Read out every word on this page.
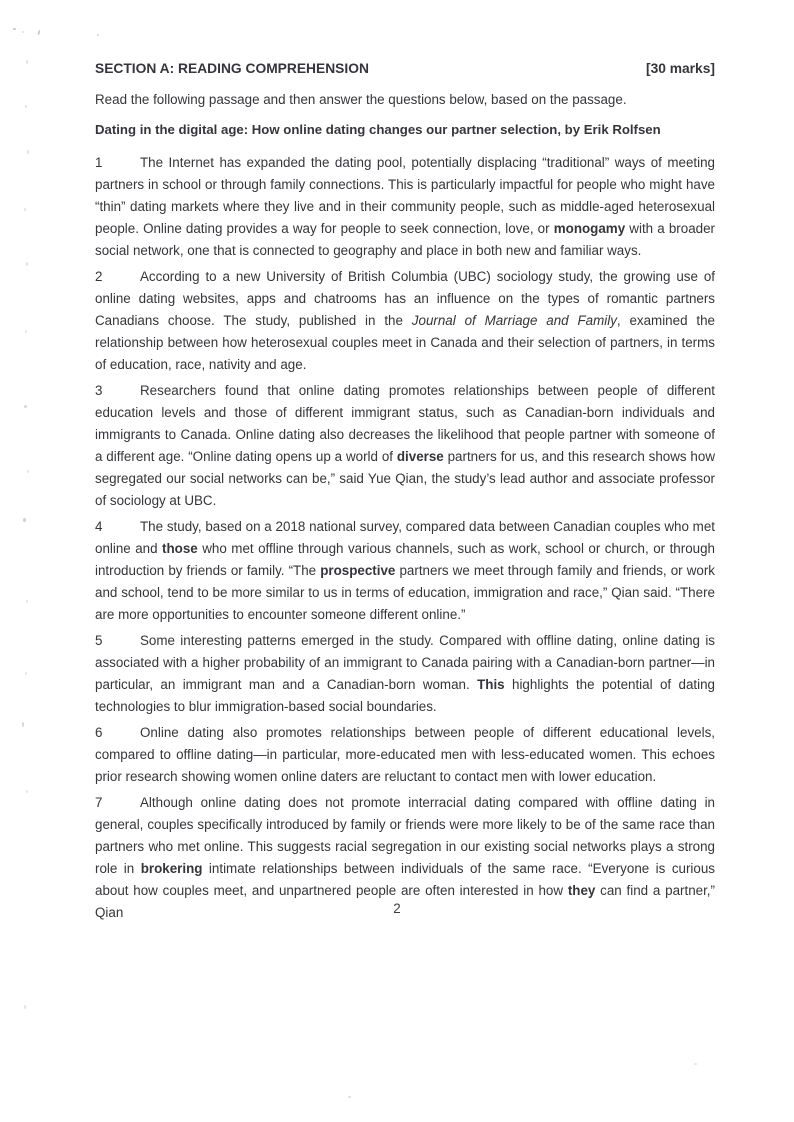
SECTION A: READING COMPREHENSION	[30 marks]

Read the following passage and then answer the questions below, based on the passage.

Dating in the digital age: How online dating changes our partner selection, by Erik Rolfsen

1	The Internet has expanded the dating pool, potentially displacing “traditional” ways of meeting partners in school or through family connections. This is particularly impactful for people who might have “thin” dating markets where they live and in their community people, such as middle-aged heterosexual people. Online dating provides a way for people to seek connection, love, or monogamy with a broader social network, one that is connected to geography and place in both new and familiar ways.
2	According to a new University of British Columbia (UBC) sociology study, the growing use of online dating websites, apps and chatrooms has an influence on the types of romantic partners Canadians choose. The study, published in the Journal of Marriage and Family, examined the relationship between how heterosexual couples meet in Canada and their selection of partners, in terms of education, race, nativity and age.
3	Researchers found that online dating promotes relationships between people of different education levels and those of different immigrant status, such as Canadian-born individuals and immigrants to Canada. Online dating also decreases the likelihood that people partner with someone of a different age. “Online dating opens up a world of diverse partners for us, and this research shows how segregated our social networks can be,” said Yue Qian, the study’s lead author and associate professor of sociology at UBC.
4	The study, based on a 2018 national survey, compared data between Canadian couples who met online and those who met offline through various channels, such as work, school or church, or through introduction by friends or family. “The prospective partners we meet through family and friends, or work and school, tend to be more similar to us in terms of education, immigration and race,” Qian said. “There are more opportunities to encounter someone different online.”
5	Some interesting patterns emerged in the study. Compared with offline dating, online dating is associated with a higher probability of an immigrant to Canada pairing with a Canadian-born partner—in particular, an immigrant man and a Canadian-born woman. This highlights the potential of dating technologies to blur immigration-based social boundaries.
6	Online dating also promotes relationships between people of different educational levels, compared to offline dating—in particular, more-educated men with less-educated women. This echoes prior research showing women online daters are reluctant to contact men with lower education.
7	Although online dating does not promote interracial dating compared with offline dating in general, couples specifically introduced by family or friends were more likely to be of the same race than partners who met online. This suggests racial segregation in our existing social networks plays a strong role in brokering intimate relationships between individuals of the same race. “Everyone is curious about how couples meet, and unpartnered people are often interested in how they can find a partner,” Qian	2
